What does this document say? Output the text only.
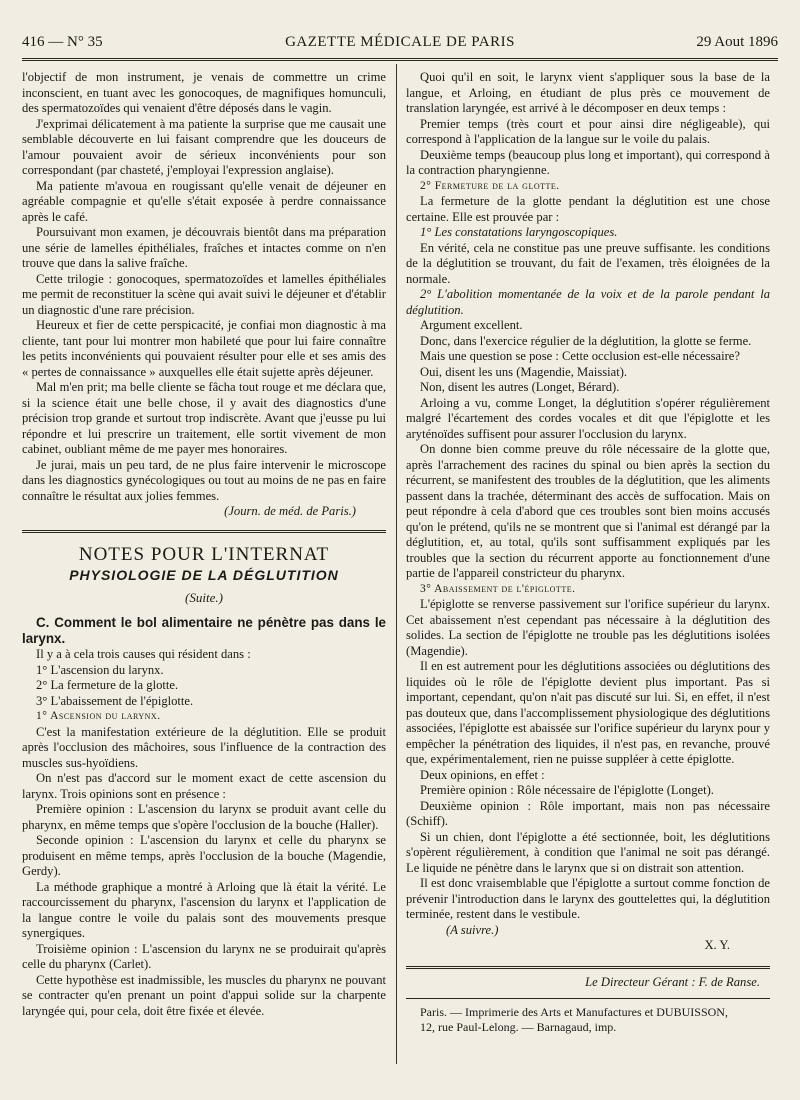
416 — N° 35	GAZETTE MÉDICALE DE PARIS	29 Aout 1896

l'objectif de mon instrument, je venais de commettre un crime inconscient, en tuant avec les gonocoques, de magnifiques homunculi, des spermatozoïdes qui venaient d'être déposés dans le vagin.

J'exprimai délicatement à ma patiente la surprise que me causait une semblable découverte en lui faisant comprendre que les douceurs de l'amour pouvaient avoir de sérieux inconvénients pour son correspondant (par chasteté, j'employai l'expression anglaise).

Ma patiente m'avoua en rougissant qu'elle venait de déjeuner en agréable compagnie et qu'elle s'était exposée à perdre connaissance après le café.

Poursuivant mon examen, je découvrais bientôt dans ma préparation une série de lamelles épithéliales, fraîches et intactes comme on n'en trouve que dans la salive fraîche.

Cette trilogie : gonocoques, spermatozoïdes et lamelles épithéliales me permit de reconstituer la scène qui avait suivi le déjeuner et d'établir un diagnostic d'une rare précision.

Heureux et fier de cette perspicacité, je confiai mon diagnostic à ma cliente, tant pour lui montrer mon habileté que pour lui faire connaître les petits inconvénients qui pouvaient résulter pour elle et ses amis des « pertes de connaissance » auxquelles elle était sujette après déjeuner.

Mal m'en prit; ma belle cliente se fâcha tout rouge et me déclara que, si la science était une belle chose, il y avait des diagnostics d'une précision trop grande et surtout trop indiscrète. Avant que j'eusse pu lui répondre et lui prescrire un traitement, elle sortit vivement de mon cabinet, oubliant même de me payer mes honoraires.

Je jurai, mais un peu tard, de ne plus faire intervenir le microscope dans les diagnostics gynécologiques ou tout au moins de ne pas en faire connaître le résultat aux jolies femmes.

(Journ. de méd. de Paris.)

NOTES POUR L'INTERNAT
PHYSIOLOGIE DE LA DÉGLUTITION
(Suite.)

C. Comment le bol alimentaire ne pénètre pas dans le larynx.

Il y a à cela trois causes qui résident dans :

1° L'ascension du larynx.

2° La fermeture de la glotte.

3° L'abaissement de l'épiglotte.

1° Ascension du larynx.

C'est la manifestation extérieure de la déglutition. Elle se produit après l'occlusion des mâchoires, sous l'influence de la contraction des muscles sus-hyoïdiens.

On n'est pas d'accord sur le moment exact de cette ascension du larynx. Trois opinions sont en présence :

Première opinion : L'ascension du larynx se produit avant celle du pharynx, en même temps que s'opère l'occlusion de la bouche (Haller).

Seconde opinion : L'ascension du larynx et celle du pharynx se produisent en même temps, après l'occlusion de la bouche (Magendie, Gerdy).

La méthode graphique a montré à Arloing que là était la vérité. Le raccourcissement du pharynx, l'ascension du larynx et l'application de la langue contre le voile du palais sont des mouvements presque synergiques.

Troisième opinion : L'ascension du larynx ne se produirait qu'après celle du pharynx (Carlet).

Cette hypothèse est inadmissible, les muscles du pharynx ne pouvant se contracter qu'en prenant un point d'appui solide sur la charpente laryngée qui, pour cela, doit être fixée et élevée.

Quoi qu'il en soit, le larynx vient s'appliquer sous la base de la langue, et Arloing, en étudiant de plus près ce mouvement de translation laryngée, est arrivé à le décomposer en deux temps :

Premier temps (très court et pour ainsi dire négligeable), qui correspond à l'application de la langue sur le voile du palais.

Deuxième temps (beaucoup plus long et important), qui correspond à la contraction pharyngienne.

2° Fermeture de la glotte.

La fermeture de la glotte pendant la déglutition est une chose certaine. Elle est prouvée par :

1° Les constatations laryngoscopiques.

En vérité, cela ne constitue pas une preuve suffisante. les conditions de la déglutition se trouvant, du fait de l'examen, très éloignées de la normale.

2° L'abolition momentanée de la voix et de la parole pendant la déglutition.

Argument excellent.

Donc, dans l'exercice régulier de la déglutition, la glotte se ferme.

Mais une question se pose : Cette occlusion est-elle nécessaire?

Oui, disent les uns (Magendie, Maissiat).

Non, disent les autres (Longet, Bérard).

Arloing a vu, comme Longet, la déglutition s'opérer régulièrement malgré l'écartement des cordes vocales et dit que l'épiglotte et les aryténoïdes suffisent pour assurer l'occlusion du larynx.

On donne bien comme preuve du rôle nécessaire de la glotte que, après l'arrachement des racines du spinal ou bien après la section du récurrent, se manifestent des troubles de la déglutition, que les aliments passent dans la trachée, déterminant des accès de suffocation. Mais on peut répondre à cela d'abord que ces troubles sont bien moins accusés qu'on le prétend, qu'ils ne se montrent que si l'animal est dérangé par la déglutition, et, au total, qu'ils sont suffisamment expliqués par les troubles que la section du récurrent apporte au fonctionnement d'une partie de l'appareil constricteur du pharynx.

3° Abaissement de l'épiglotte.

L'épiglotte se renverse passivement sur l'orifice supérieur du larynx. Cet abaissement n'est cependant pas nécessaire à la déglutition des solides. La section de l'épiglotte ne trouble pas les déglutitions isolées (Magendie).

Il en est autrement pour les déglutitions associées ou déglutitions des liquides où le rôle de l'épiglotte devient plus important. Pas si important, cependant, qu'on n'ait pas discuté sur lui. Si, en effet, il n'est pas douteux que, dans l'accomplissement physiologique des déglutitions associées, l'épiglotte est abaissée sur l'orifice supérieur du larynx pour y empêcher la pénétration des liquides, il n'est pas, en revanche, prouvé que, expérimentalement, rien ne puisse suppléer à cette épiglotte.

Deux opinions, en effet :

Première opinion : Rôle nécessaire de l'épiglotte (Longet).

Deuxième opinion : Rôle important, mais non pas nécessaire (Schiff).

Si un chien, dont l'épiglotte a été sectionnée, boit, les déglutitions s'opèrent régulièrement, à condition que l'animal ne soit pas dérangé. Le liquide ne pénètre dans le larynx que si on distrait son attention.

Il est donc vraisemblable que l'épiglotte a surtout comme fonction de prévenir l'introduction dans le larynx des gouttelettes qui, la déglutition terminée, restent dans le vestibule.

(A suivre.)

X. Y.

Le Directeur Gérant : F. de Ranse.

Paris. — Imprimerie des Arts et Manufactures et DUBUISSON,

12, rue Paul-Lelong. — Barnagaud, imp.
